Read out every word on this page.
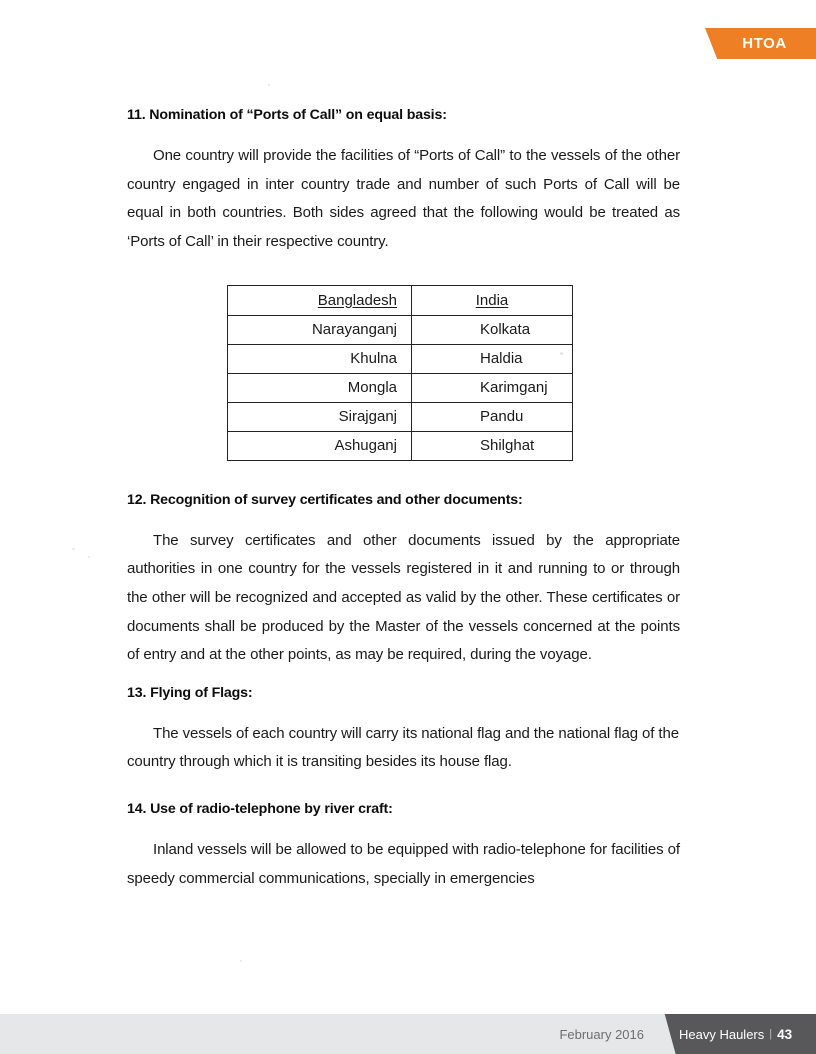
HTOA
11. Nomination of “Ports of Call” on equal basis:

One country will provide the facilities of “Ports of Call” to the vessels of the other country engaged in inter country trade and number of such Ports of Call will be equal in both countries. Both sides agreed that the following would be treated as ‘Ports of Call’ in their respective country.

Bangladesh	India
Narayanganj	Kolkata
Khulna	Haldia
Mongla	Karimganj
Sirajganj	Pandu
Ashuganj	Shilghat
12. Recognition of survey certificates and other documents:

The survey certificates and other documents issued by the appropriate authorities in one country for the vessels registered in it and running to or through the other will be recognized and accepted as valid by the other. These certificates or documents shall be produced by the Master of the vessels concerned at the points of entry and at the other points, as may be required, during the voyage.

13. Flying of Flags:

The vessels of each country will carry its national flag and the national flag of the country through which it is transiting besides its house flag.

14. Use of radio-telephone by river craft:

Inland vessels will be allowed to be equipped with radio-telephone for facilities of speedy commercial communications, specially in emergencies

February 2016	Heavy Haulers | 43
